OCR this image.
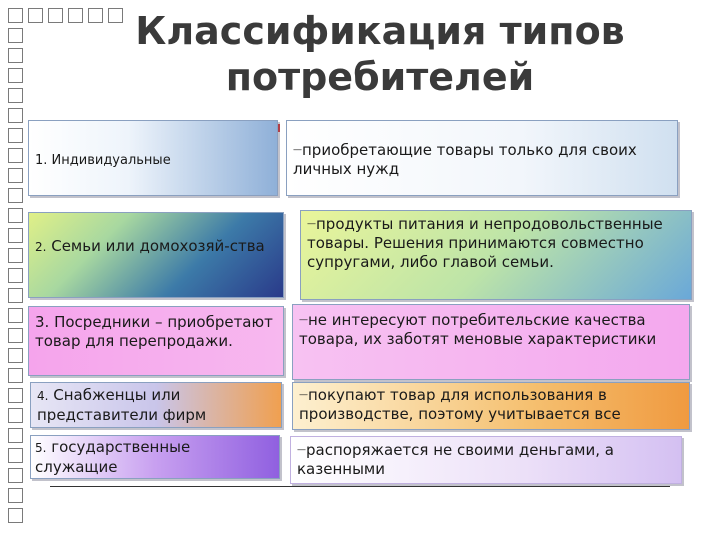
Классификация типов
потребителей
1. Индивидуальные
2. Семьи или домохозяй-ства
3. Посредники – приобретают товар для перепродажи.
4. Снабженцы или представители фирм
5. государственные служащие
—приобретающие товары только для своих личных нужд
—продукты питания и непродовольственные товары. Решения принимаются совместно супругами, либо главой семьи.
—не интересуют потребительские качества товара, их заботят меновые характеристики
—покупают товар для использования в производстве, поэтому учитывается все
—распоряжается не своими деньгами, а казенными
